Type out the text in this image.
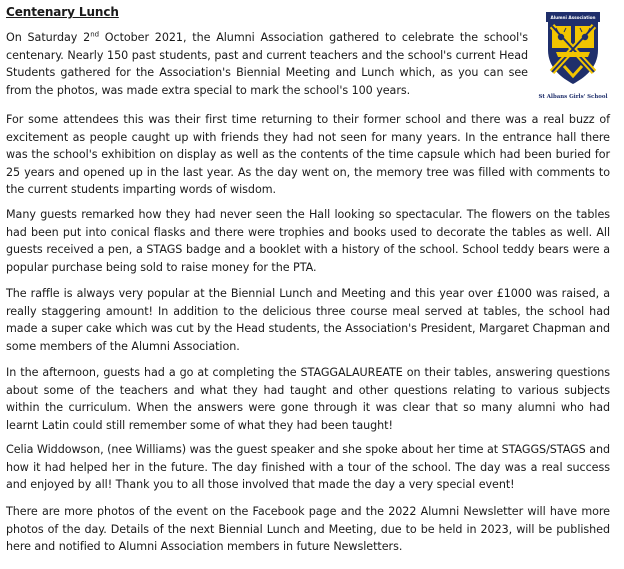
Centenary Lunch
On Saturday 2nd October 2021, the Alumni Association gathered to celebrate the school's centenary. Nearly 150 past students, past and current teachers and the school's current Head Students gathered for the Association's Biennial Meeting and Lunch which, as you can see from the photos, was made extra special to mark the school's 100 years.
For some attendees this was their first time returning to their former school and there was a real buzz of excitement as people caught up with friends they had not seen for many years. In the entrance hall there was the school's exhibition on display as well as the contents of the time capsule which had been buried for 25 years and opened up in the last year. As the day went on, the memory tree was filled with comments to the current students imparting words of wisdom.
Many guests remarked how they had never seen the Hall looking so spectacular. The flowers on the tables had been put into conical flasks and there were trophies and books used to decorate the tables as well. All guests received a pen, a STAGS badge and a booklet with a history of the school. School teddy bears were a popular purchase being sold to raise money for the PTA.
The raffle is always very popular at the Biennial Lunch and Meeting and this year over £1000 was raised, a really staggering amount! In addition to the delicious three course meal served at tables, the school had made a super cake which was cut by the Head students, the Association's President, Margaret Chapman and some members of the Alumni Association.
In the afternoon, guests had a go at completing the STAGGALAUREATE on their tables, answering questions about some of the teachers and what they had taught and other questions relating to various subjects within the curriculum. When the answers were gone through it was clear that so many alumni who had learnt Latin could still remember some of what they had been taught!
Celia Widdowson, (nee Williams) was the guest speaker and she spoke about her time at STAGGS/STAGS and how it had helped her in the future. The day finished with a tour of the school. The day was a real success and enjoyed by all! Thank you to all those involved that made the day a very special event!
There are more photos of the event on the Facebook page and the 2022 Alumni Newsletter will have more photos of the day. Details of the next Biennial Lunch and Meeting, due to be held in 2023, will be published here and notified to Alumni Association members in future Newsletters.
Alumni Association
St Albans Girls' School
